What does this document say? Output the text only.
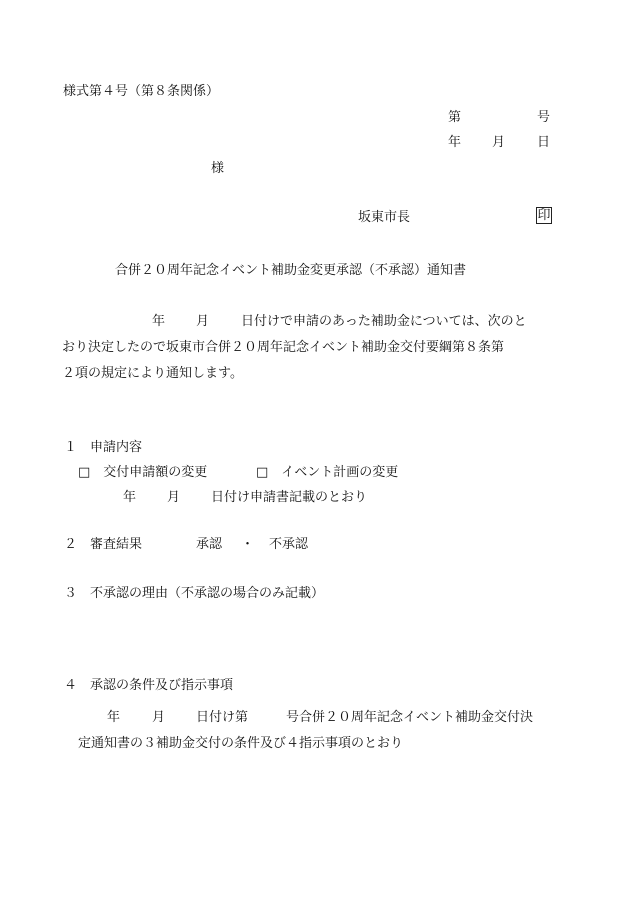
様式第４号（第８条関係）
第	号
年 月 日
様
坂東市長	印
合併２０周年記念イベント補助金変更承認（不承認）通知書
年 月 日付けで申請のあった補助金については、次のと
おり決定したので坂東市合併２０周年記念イベント補助金交付要綱第８条第
２項の規定により通知します。
１　申請内容
□　交付申請額の変更	□　イベント計画の変更
年 月 日付け申請書記載のとおり
２　審査結果	承認 ・ 不承認
３　不承認の理由（不承認の場合のみ記載）
４　承認の条件及び指示事項
年 月 日付け第	号合併２０周年記念イベント補助金交付決
定通知書の３補助金交付の条件及び４指示事項のとおり
